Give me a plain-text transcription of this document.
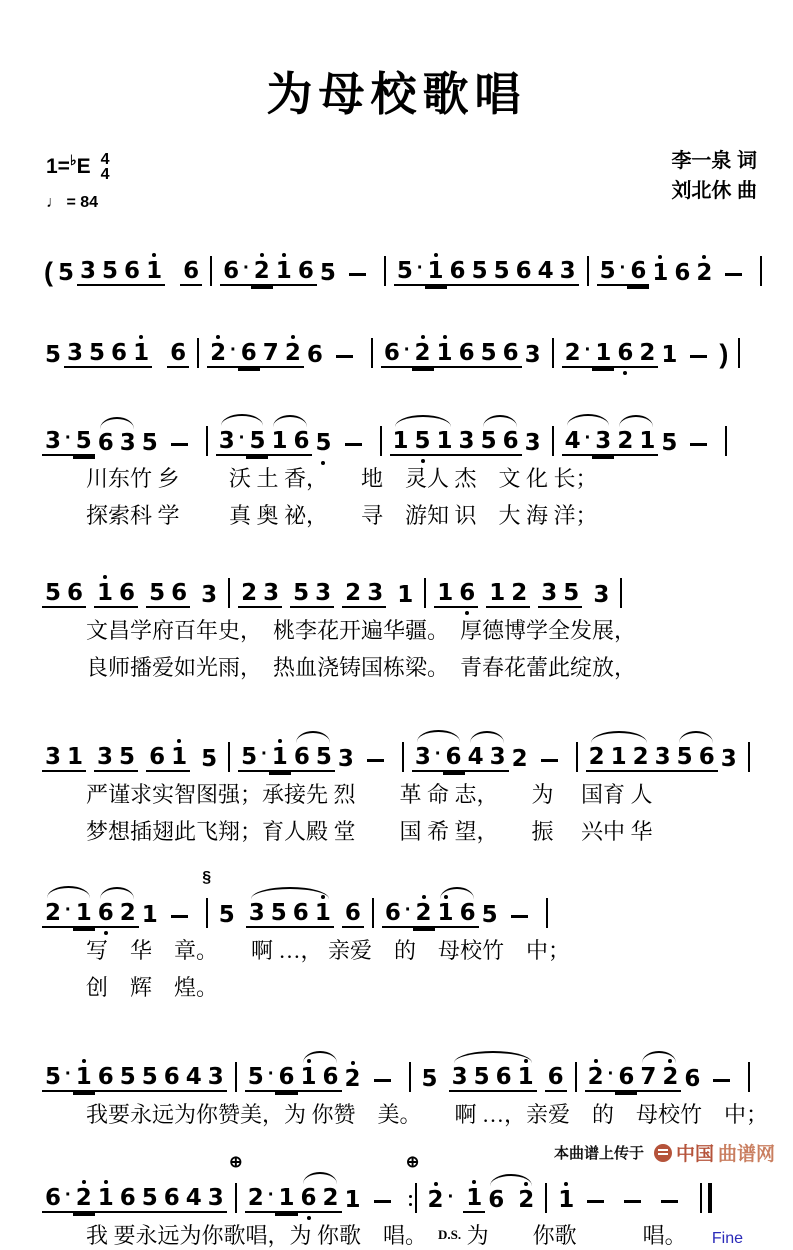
为母校歌唱
1= ♭ E 4
4
♩ = 84
李一泉 词
刘北休 曲
( 5 3 5 6 1 6 6 · 2 1 6 5	5 · 1 6 5 5 6 4 3 5 · 6 1 6 2
5 3 5 6 1 6 2 · 6 7 2 6	6 · 2 1 6 5 6 3 2 · 1 6 2 1 )
3 · 5 6 3 5	3 · 5 1 6 5	1 5 1 3 5 6 3 4 · 3 2 1 5
川东竹 乡　　 沃 土 香，　　地　灵人 杰　文 化 长；
探索科 学　　 真 奥 祕，　　寻　游知 识　大 海 洋；
5 6 1 6 5 6 3 2 3 5 3 2 3 1 1 6 1 2 3 5 3
文昌学府百年史，　桃李花开遍华疆。　厚德博学全发展，
良师播爱如光雨，　热血浇铸国栋梁。　青春花蕾此绽放，
3 1 3 5 6 1 5 5 · 1 6 5 3	3 · 6 4 3 2	2 1 2 3 5 6 3
严谨求实智图强；承接先 烈　　革 命 志，　　为　 国育 人
梦想插翅此飞翔；育人殿 堂　　国 希 望，　　振　 兴中 华
2 · 1 6 2 1
§
5 3 5 6 1 6 6 · 2 1 6 5
写　华　章。　　啊 …， 亲爱　的　母校竹　中；
创　辉　煌。
5 · 1 6 5 5 6 4 3 5 · 6 1 6 2	5 3 5 6 1 6 2 · 6 7 2 6
我要永远为你赞美，为 你赞　美。　　啊 …，亲爱　的　母校竹　中；
6 · 2 1 6 5 6 4 3
⊕
2 · 1 6 2 1
⊕
2 · 1 6 2 1
我 要永远为你歌唱，为 你歌　唱。　 D.S. 为　　你歌　　　唱。 Fine
本曲谱上传于 中国 曲谱网
